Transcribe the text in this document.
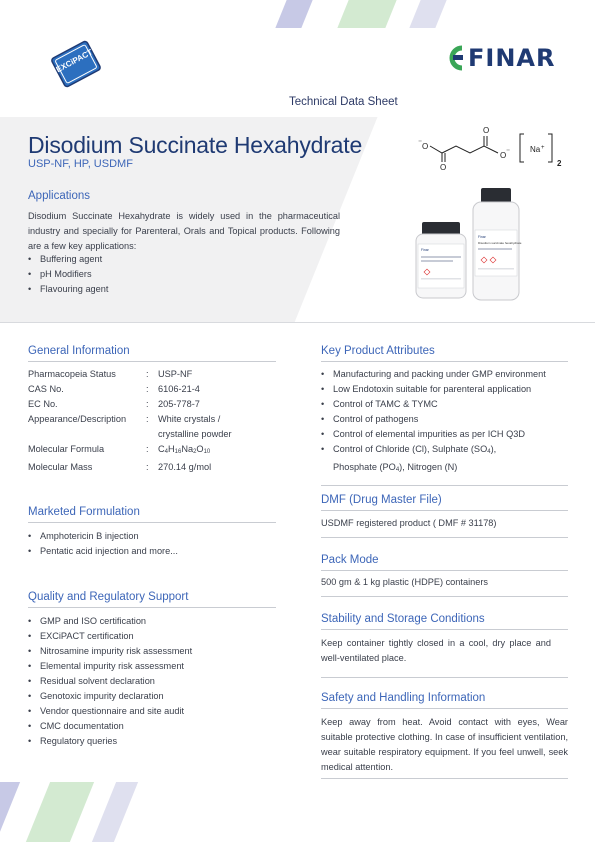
EXCiPACT	FINAR
Technical Data Sheet
Disodium Succinate Hexahydrate
USP-NF, HP, USDMF
⁻ O
O
O
O ⁻ Na +
2
Applications

Disodium Succinate Hexahydrate is widely used in the pharmaceutical industry and specially for Parenteral, Orals and Topical products. Following are a few key applications:

• Buffering agent
• pH Modifiers
• Flavouring agent
Finar
Finar
Disodium succinate hexahydrate
General Information
Pharmacopeia Status	:	USP-NF
CAS No.	:	6106-21-4
EC No.	:	205-778-7
Appearance/Description	:	White crystals /
crystalline powder
Molecular Formula	:	$C_4H_{16}Na_2O_{10}$
Molecular Mass	:	270.14 g/mol
Marketed Formulation
• Amphotericin B injection
• Pentatic acid injection and more...
Quality and Regulatory Support
• GMP and ISO certification
• EXCiPACT certification
• Nitrosamine impurity risk assessment
• Elemental impurity risk assessment
• Residual solvent declaration
• Genotoxic impurity declaration
• Vendor questionnaire and site audit
• CMC documentation
• Regulatory queries
Key Product Attributes
• Manufacturing and packing under GMP environment
• Low Endotoxin suitable for parenteral application
• Control of TAMC & TYMC
• Control of pathogens
• Control of elemental impurities as per ICH Q3D
• Control of Chloride (Cl), Sulphate $(SO_4)$,
Phosphate $(PO_4)$, Nitrogen (N)
DMF (Drug Master File)
USDMF registered product ( DMF # 31178)
Pack Mode
500 gm & 1 kg plastic (HDPE) containers
Stability and Storage Conditions
Keep container tightly closed in a cool, dry place and well-ventilated place.
Safety and Handling Information
Keep away from heat. Avoid contact with eyes, Wear suitable protective clothing. In case of insufficient ventilation, wear suitable respiratory equipment. If you feel unwell, seek medical attention.
